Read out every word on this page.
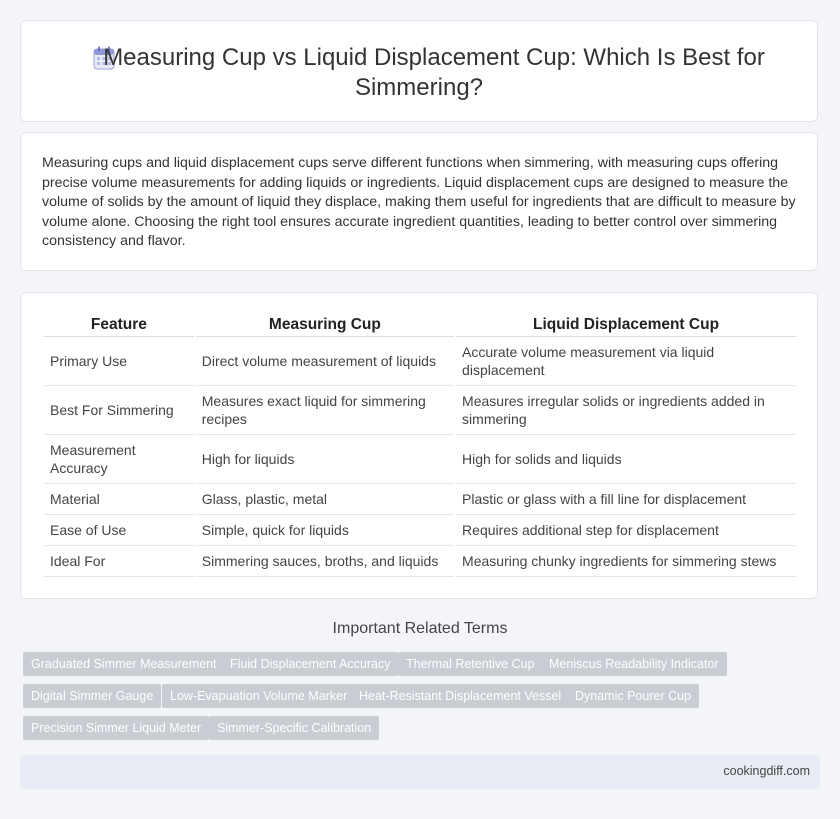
Measuring Cup vs Liquid Displacement Cup: Which Is Best for
Simmering?

Measuring cups and liquid displacement cups serve different functions when simmering, with measuring cups offering precise volume measurements for adding liquids or ingredients. Liquid displacement cups are designed to measure the volume of solids by the amount of liquid they displace, making them useful for ingredients that are difficult to measure by volume alone. Choosing the right tool ensures accurate ingredient quantities, leading to better control over simmering consistency and flavor.

Feature	Measuring Cup	Liquid Displacement Cup
Primary Use	Direct volume measurement of liquids	Accurate volume measurement via liquid displacement
Best For Simmering	Measures exact liquid for simmering recipes	Measures irregular solids or ingredients added in simmering
Measurement Accuracy	High for liquids	High for solids and liquids
Material	Glass, plastic, metal	Plastic or glass with a fill line for displacement
Ease of Use	Simple, quick for liquids	Requires additional step for displacement
Ideal For	Simmering sauces, broths, and liquids	Measuring chunky ingredients for simmering stews
Important Related Terms
Graduated Simmer Measurement	Fluid Displacement Accuracy	Thermal Retentive Cup	Meniscus Readability Indicator
Digital Simmer Gauge	Low-Evapuation Volume Marker Heat-Resistant Displacement Vessel	Dynamic Pourer Cup
Precision Simmer Liquid Meter	Simmer-Specific Calibration
cookingdiff.com
